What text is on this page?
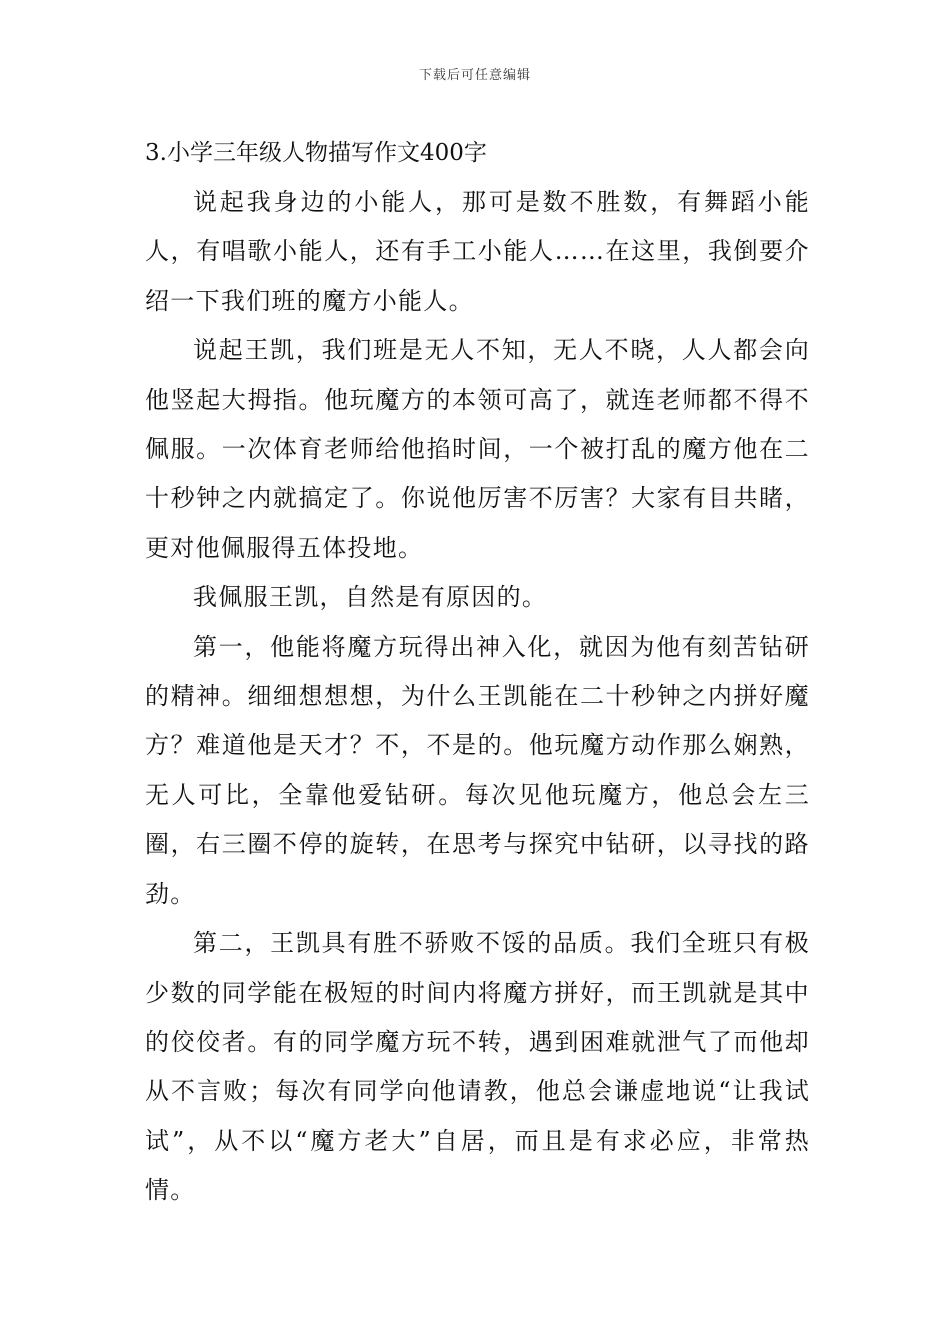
下载后可任意编辑
3.小学三年级人物描写作文400字

说起我身边的小能人，那可是数不胜数，有舞蹈小能人，有唱歌小能人，还有手工小能人……在这里，我倒要介绍一下我们班的魔方小能人。

说起王凯，我们班是无人不知，无人不晓，人人都会向他竖起大拇指。他玩魔方的本领可高了，就连老师都不得不佩服。一次体育老师给他掐时间，一个被打乱的魔方他在二十秒钟之内就搞定了。你说他厉害不厉害？大家有目共睹，更对他佩服得五体投地。

我佩服王凯，自然是有原因的。

第一，他能将魔方玩得出神入化，就因为他有刻苦钻研的精神。细细想想想，为什么王凯能在二十秒钟之内拼好魔方？难道他是天才？不，不是的。他玩魔方动作那么娴熟，无人可比，全靠他爱钻研。每次见他玩魔方，他总会左三圈，右三圈不停的旋转，在思考与探究中钻研，以寻找的路劲。

第二，王凯具有胜不骄败不馁的品质。我们全班只有极少数的同学能在极短的时间内将魔方拼好，而王凯就是其中的佼佼者。有的同学魔方玩不转，遇到困难就泄气了而他却从不言败；每次有同学向他请教，他总会谦虚地说“让我试试”，从不以“魔方老大”自居，而且是有求必应，非常热情。
